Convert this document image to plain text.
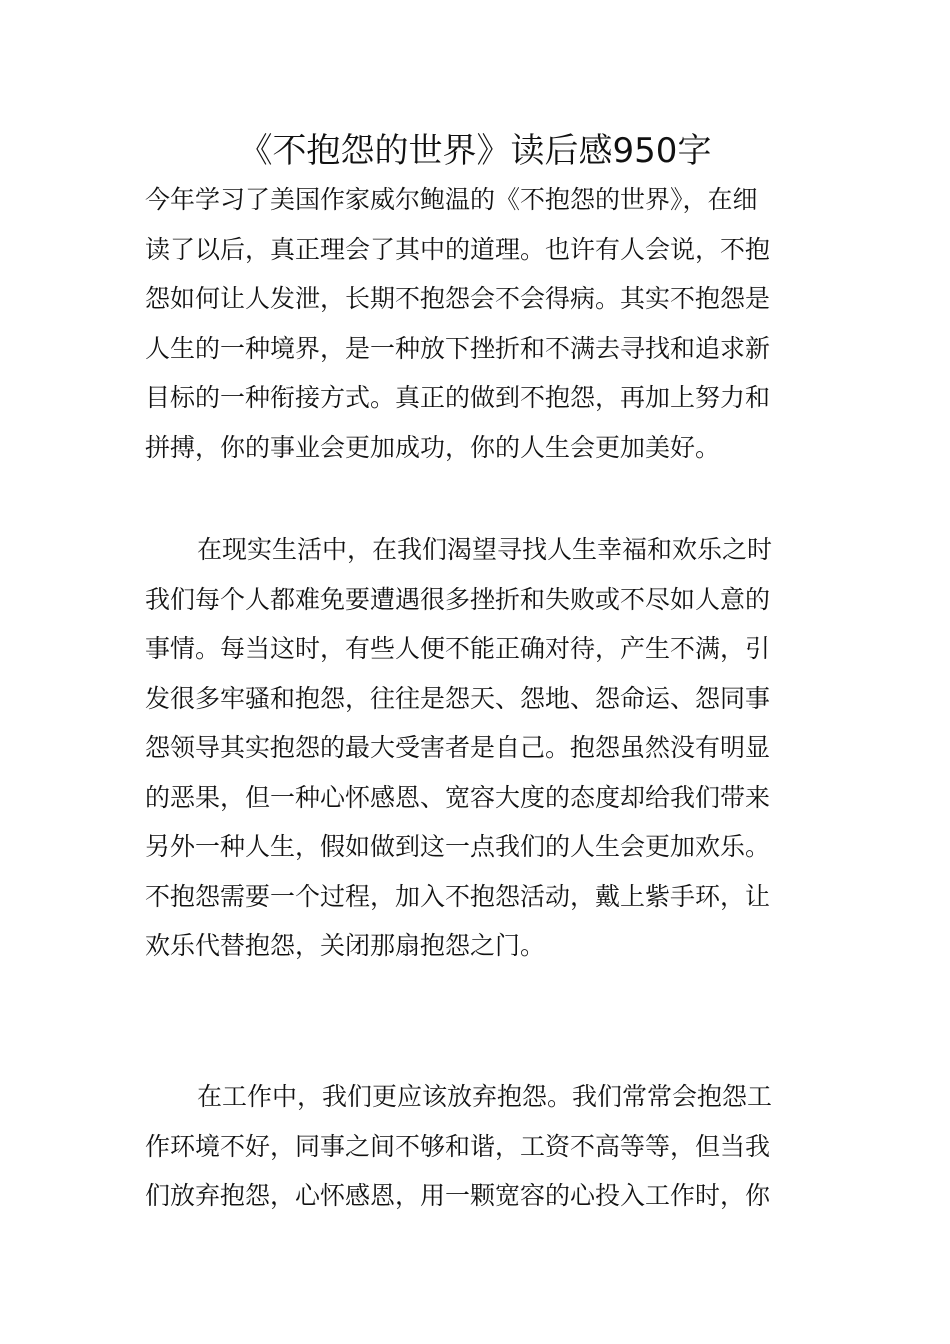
《不抱怨的世界》读后感950字
今年学习了美国作家威尔鲍温的《不抱怨的世界》，在细
读了以后，真正理会了其中的道理。也许有人会说，不抱
怨如何让人发泄，长期不抱怨会不会得病。其实不抱怨是
人生的一种境界，是一种放下挫折和不满去寻找和追求新
目标的一种衔接方式。真正的做到不抱怨，再加上努力和
拼搏，你的事业会更加成功，你的人生会更加美好。
在现实生活中，在我们渴望寻找人生幸福和欢乐之时
我们每个人都难免要遭遇很多挫折和失败或不尽如人意的
事情。每当这时，有些人便不能正确对待，产生不满，引
发很多牢骚和抱怨，往往是怨天、怨地、怨命运、怨同事
怨领导其实抱怨的最大受害者是自己。抱怨虽然没有明显
的恶果，但一种心怀感恩、宽容大度的态度却给我们带来
另外一种人生，假如做到这一点我们的人生会更加欢乐。
不抱怨需要一个过程，加入不抱怨活动，戴上紫手环，让
欢乐代替抱怨，关闭那扇抱怨之门。
在工作中，我们更应该放弃抱怨。我们常常会抱怨工
作环境不好，同事之间不够和谐，工资不高等等，但当我
们放弃抱怨，心怀感恩，用一颗宽容的心投入工作时，你
